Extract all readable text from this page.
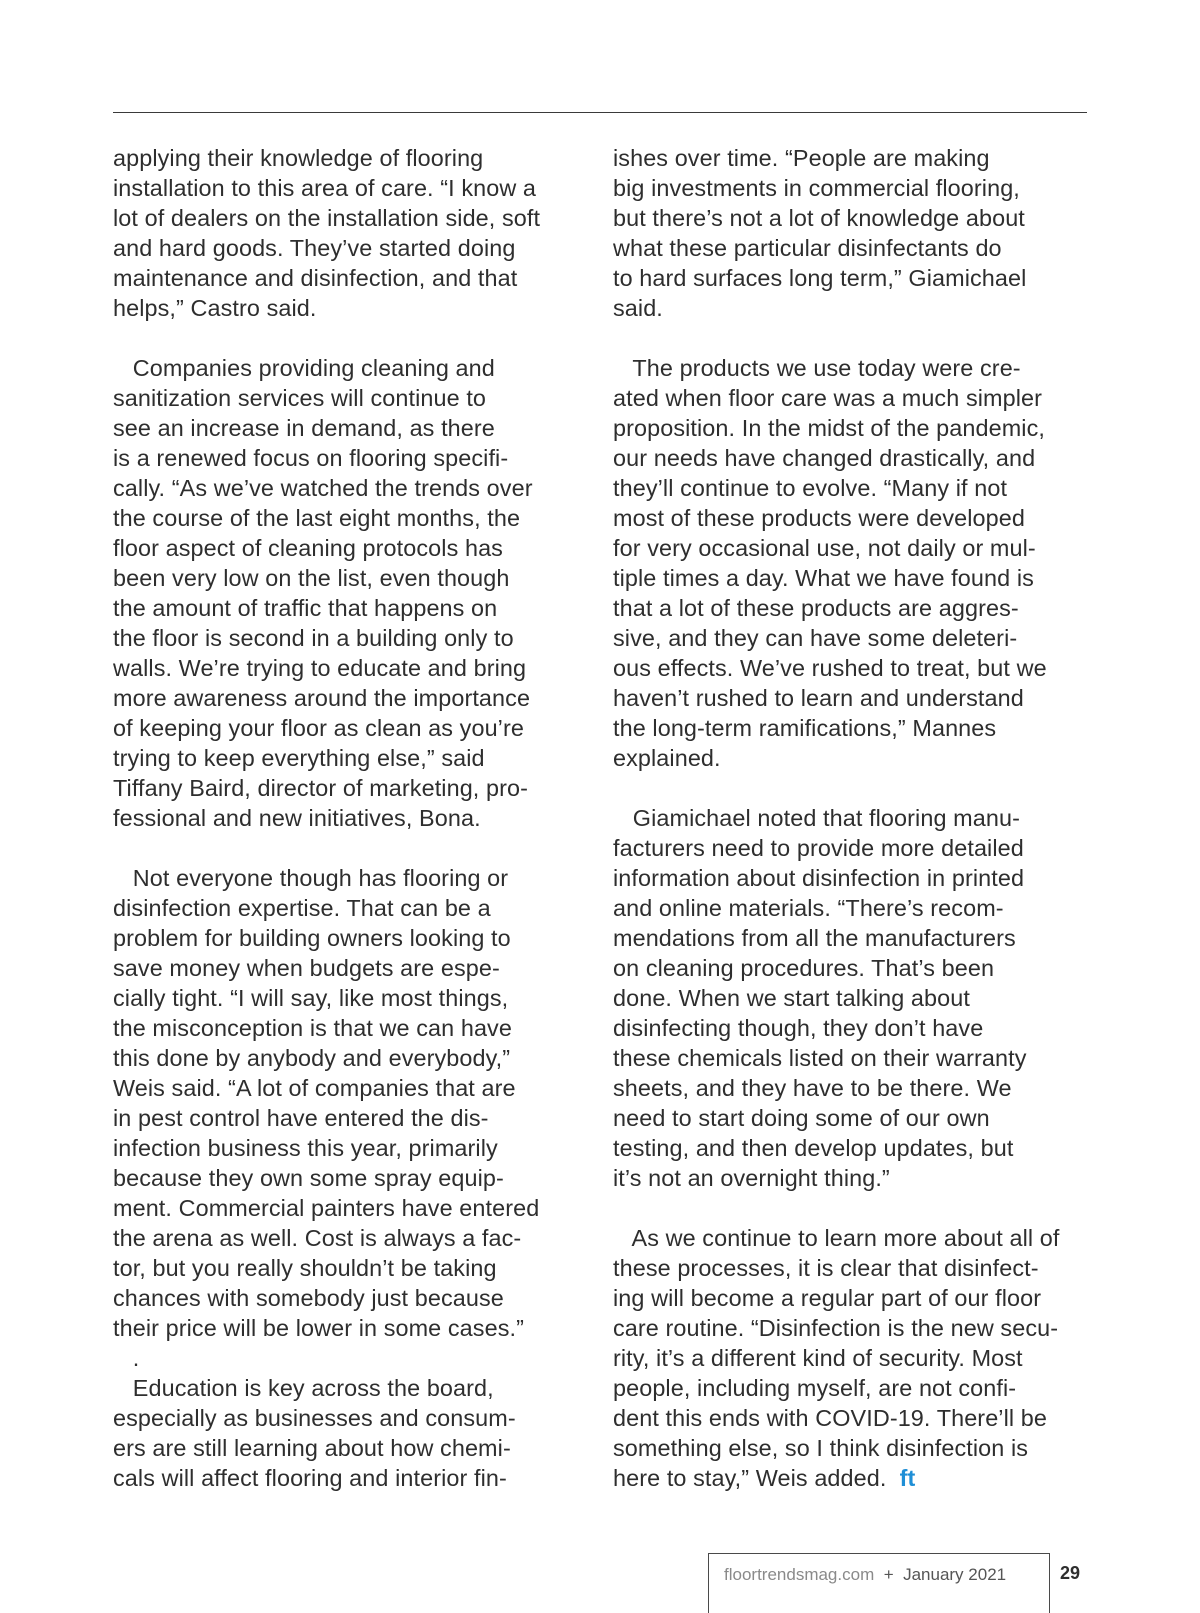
applying their knowledge of flooring
installation to this area of care. “I know a
lot of dealers on the installation side, soft
and hard goods. They’ve started doing
maintenance and disinfection, and that
helps,” Castro said.
Companies providing cleaning and
sanitization services will continue to
see an increase in demand, as there
is a renewed focus on flooring specifi-
cally. “As we’ve watched the trends over
the course of the last eight months, the
floor aspect of cleaning protocols has
been very low on the list, even though
the amount of traffic that happens on
the floor is second in a building only to
walls. We’re trying to educate and bring
more awareness around the importance
of keeping your floor as clean as you’re
trying to keep everything else,” said
Tiffany Baird, director of marketing, pro-
fessional and new initiatives, Bona.
Not everyone though has flooring or
disinfection expertise. That can be a
problem for building owners looking to
save money when budgets are espe-
cially tight. “I will say, like most things,
the misconception is that we can have
this done by anybody and everybody,”
Weis said. “A lot of companies that are
in pest control have entered the dis-
infection business this year, primarily
because they own some spray equip-
ment. Commercial painters have entered
the arena as well. Cost is always a fac-
tor, but you really shouldn’t be taking
chances with somebody just because
their price will be lower in some cases.”
.
Education is key across the board,
especially as businesses and consum-
ers are still learning about how chemi-
cals will affect flooring and interior fin-
ishes over time. “People are making
big investments in commercial flooring,
but there’s not a lot of knowledge about
what these particular disinfectants do
to hard surfaces long term,” Giamichael
said.
The products we use today were cre-
ated when floor care was a much simpler
proposition. In the midst of the pandemic,
our needs have changed drastically, and
they’ll continue to evolve. “Many if not
most of these products were developed
for very occasional use, not daily or mul-
tiple times a day. What we have found is
that a lot of these products are aggres-
sive, and they can have some deleteri-
ous effects. We’ve rushed to treat, but we
haven’t rushed to learn and understand
the long-term ramifications,” Mannes
explained.
Giamichael noted that flooring manu-
facturers need to provide more detailed
information about disinfection in printed
and online materials. “There’s recom-
mendations from all the manufacturers
on cleaning procedures. That’s been
done. When we start talking about
disinfecting though, they don’t have
these chemicals listed on their warranty
sheets, and they have to be there. We
need to start doing some of our own
testing, and then develop updates, but
it’s not an overnight thing.”
As we continue to learn more about all of
these processes, it is clear that disinfect-
ing will become a regular part of our floor
care routine. “Disinfection is the new secu-
rity, it’s a different kind of security. Most
people, including myself, are not confi-
dent this ends with COVID-19. There’ll be
something else, so I think disinfection is
here to stay,” Weis added.  ft
floortrendsmag.com + January 2021	29
